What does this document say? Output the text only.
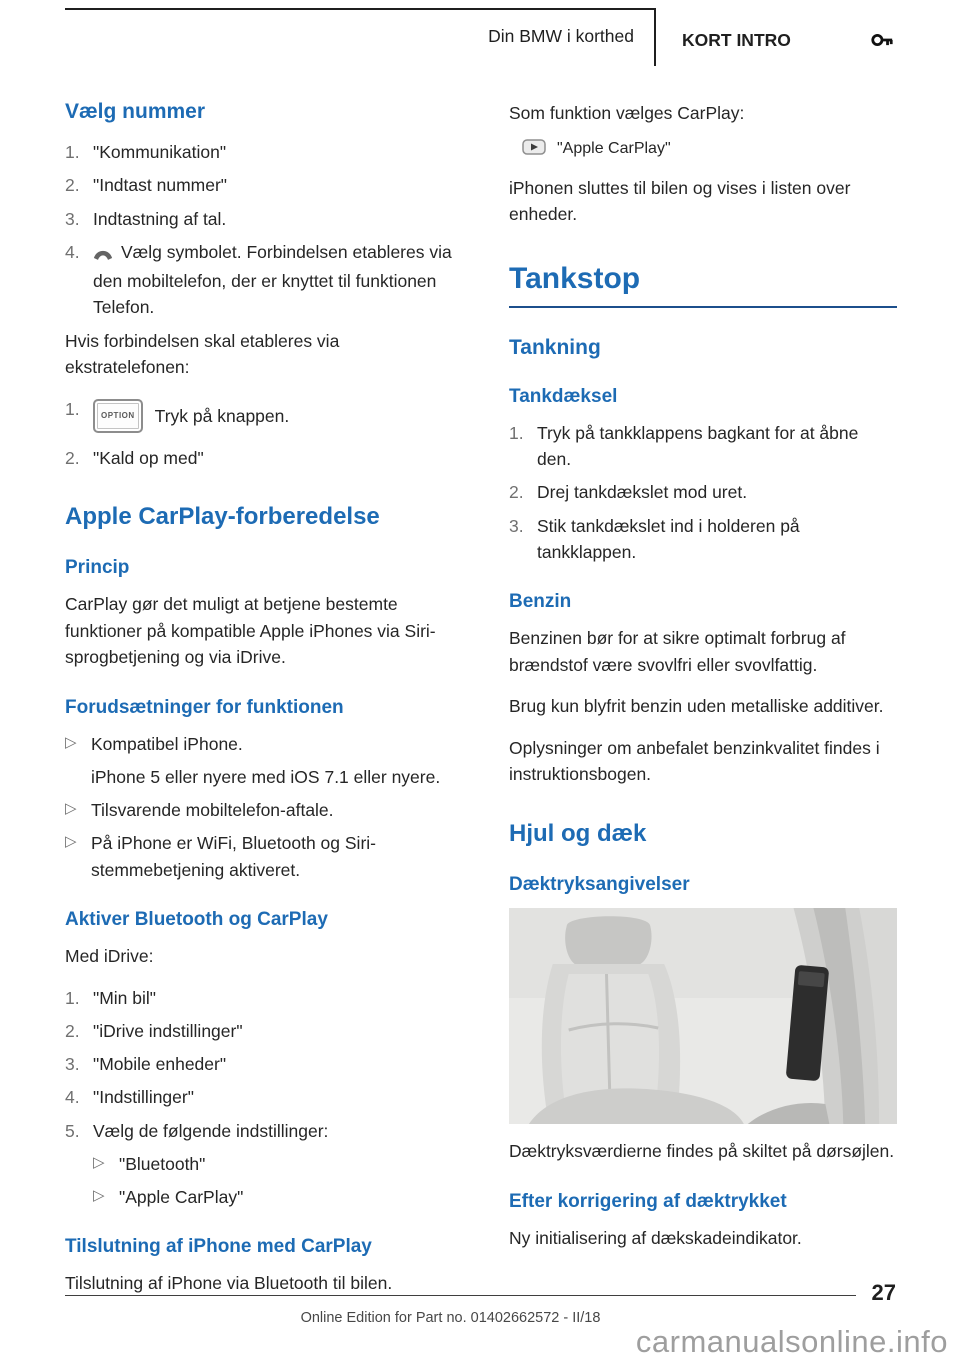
Din BMW i korthed	KORT INTRO
Vælg nummer
1. "Kommunikation"
2. "Indtast nummer"
3. Indtastning af tal.
4.	Vælg symbolet. Forbindelsen etableres via den mobiltelefon, der er knyttet til funktionen Telefon.

Hvis forbindelsen skal etableres via ekstratelefonen:

1.	OPTION	Tryk på knappen.
2. "Kald op med"
Apple CarPlay-forberedelse
Princip

CarPlay gør det muligt at betjene bestemte funktioner på kompatible Apple iPhones via Siri-sprogbetjening og via iDrive.

Forudsætninger for funktionen
▷ Kompatibel iPhone.
iPhone 5 eller nyere med iOS 7.1 eller nyere.
▷ Tilsvarende mobiltelefon-aftale.
▷ På iPhone er WiFi, Bluetooth og Siri-stemmebetjening aktiveret.
Aktiver Bluetooth og CarPlay

Med iDrive:

1. "Min bil"
2. "iDrive indstillinger"
3. "Mobile enheder"
4. "Indstillinger"
5. Vælg de følgende indstillinger:
▷ "Bluetooth"
▷ "Apple CarPlay"
Tilslutning af iPhone med CarPlay

Tilslutning af iPhone via Bluetooth til bilen.

Som funktion vælges CarPlay:

"Apple CarPlay"

iPhonen sluttes til bilen og vises i listen over enheder.

Tankstop
Tankning
Tankdæksel
1. Tryk på tankklappens bagkant for at åbne den.
2. Drej tankdækslet mod uret.
3. Stik tankdækslet ind i holderen på tankklappen.
Benzin

Benzinen bør for at sikre optimalt forbrug af brændstof være svovlfri eller svovlfattig.

Brug kun blyfrit benzin uden metalliske additiver.

Oplysninger om anbefalet benzinkvalitet findes i instruktionsbogen.

Hjul og dæk
Dæktryksangivelser

Dæktryksværdierne findes på skiltet på dørsøjlen.

Efter korrigering af dæktrykket

Ny initialisering af dækskadeindikator.

27
Online Edition for Part no. 01402662572 - II/18
carmanualsonline.info
